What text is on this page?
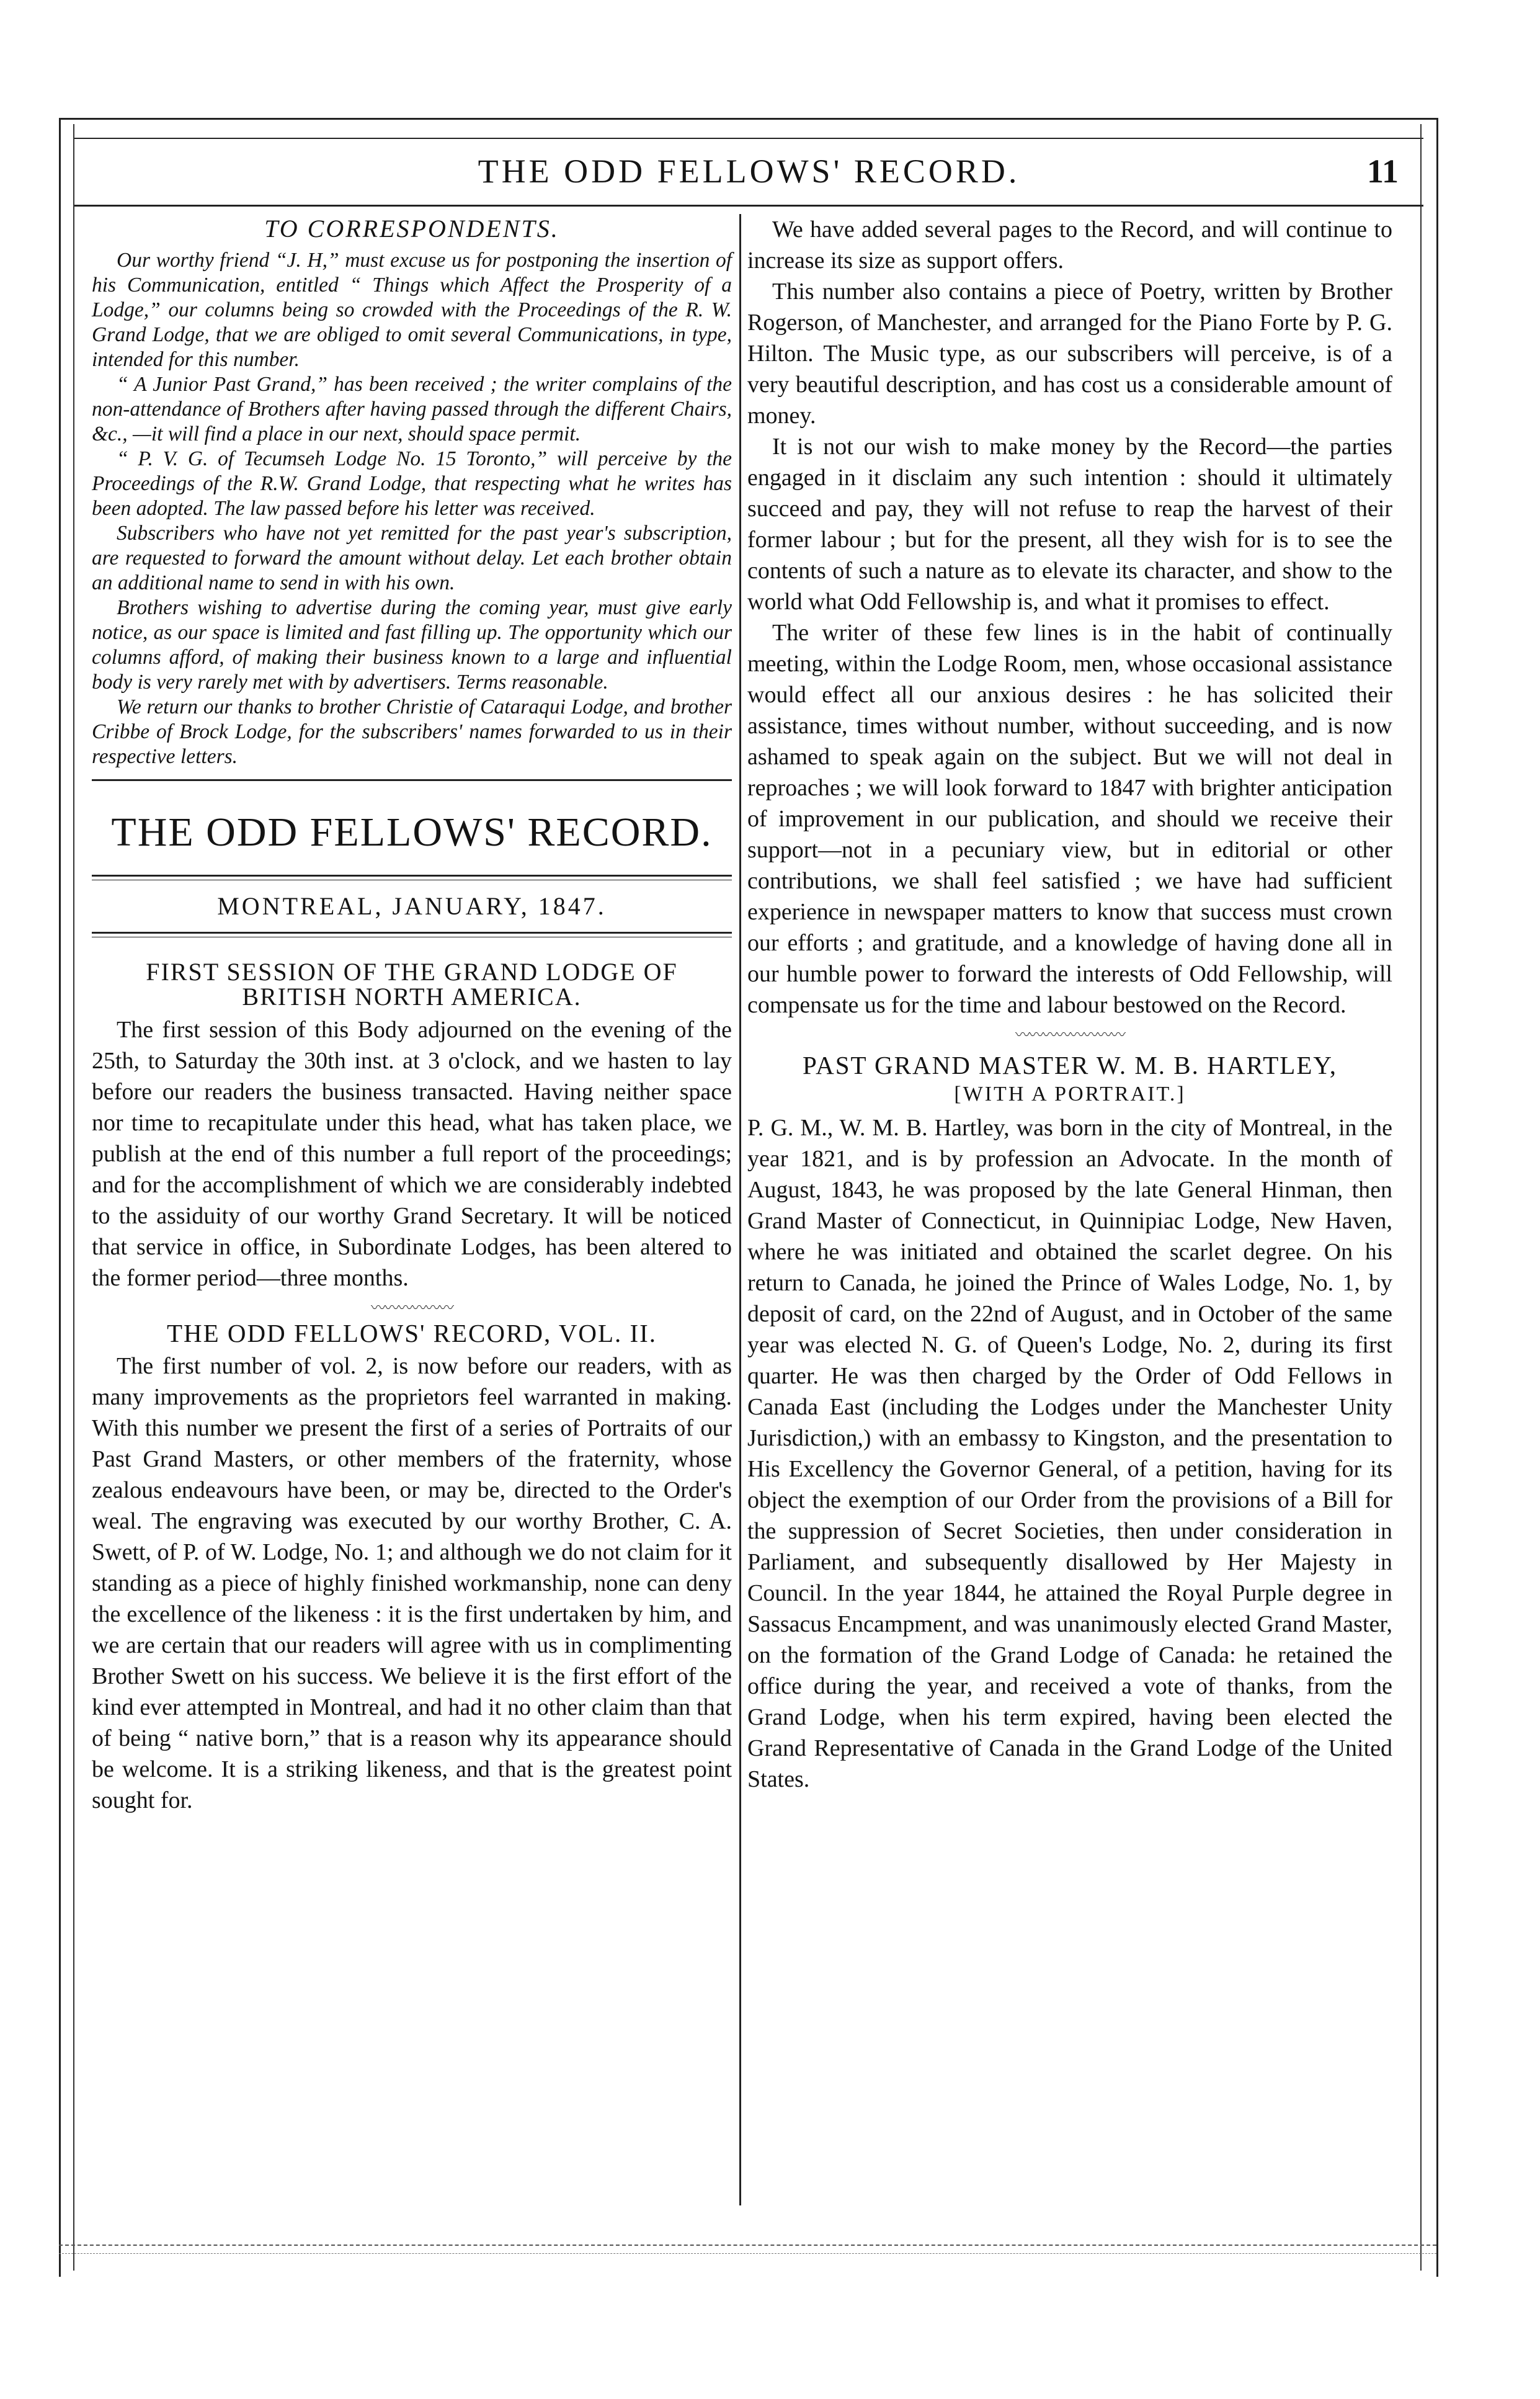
THE ODD FELLOWS' RECORD.	11
TO CORRESPONDENTS.

Our worthy friend “J. H,” must excuse us for postponing the insertion of his Communication, entitled “ Things which Affect the Prosperity of a Lodge,” our columns being so crowded with the Proceedings of the R. W. Grand Lodge, that we are obliged to omit several Communications, in type, intended for this number.

“ A Junior Past Grand,” has been received ; the writer complains of the non-attendance of Brothers after having passed through the different Chairs, &c., —it will find a place in our next, should space permit.

“ P. V. G. of Tecumseh Lodge No. 15 Toronto,” will perceive by the Proceedings of the R.W. Grand Lodge, that respecting what he writes has been adopted. The law passed before his letter was received.

Subscribers who have not yet remitted for the past year's subscription, are requested to forward the amount without delay. Let each brother obtain an additional name to send in with his own.

Brothers wishing to advertise during the coming year, must give early notice, as our space is limited and fast filling up. The opportunity which our columns afford, of making their business known to a large and influential body is very rarely met with by advertisers. Terms reasonable.

We return our thanks to brother Christie of Cataraqui Lodge, and brother Cribbe of Brock Lodge, for the subscribers' names forwarded to us in their respective letters.

THE ODD FELLOWS' RECORD.
MONTREAL, JANUARY, 1847.
FIRST SESSION OF THE GRAND LODGE OF BRITISH NORTH AMERICA.

The first session of this Body adjourned on the evening of the 25th, to Saturday the 30th inst. at 3 o'clock, and we hasten to lay before our readers the business transacted. Having neither space nor time to recapitulate under this head, what has taken place, we publish at the end of this number a full report of the proceedings; and for the accomplishment of which we are considerably indebted to the assiduity of our worthy Grand Secretary. It will be noticed that service in office, in Subordinate Lodges, has been altered to the former period—three months.

〰〰〰〰〰〰
THE ODD FELLOWS' RECORD, VOL. II.

The first number of vol. 2, is now before our readers, with as many improvements as the proprietors feel warranted in making. With this number we present the first of a series of Portraits of our Past Grand Masters, or other members of the fraternity, whose zealous endeavours have been, or may be, directed to the Order's weal. The engraving was executed by our worthy Brother, C. A. Swett, of P. of W. Lodge, No. 1; and although we do not claim for it standing as a piece of highly finished workmanship, none can deny the excellence of the likeness : it is the first undertaken by him, and we are certain that our readers will agree with us in complimenting Brother Swett on his success. We believe it is the first effort of the kind ever attempted in Montreal, and had it no other claim than that of being “ native born,” that is a reason why its appearance should be welcome. It is a striking likeness, and that is the greatest point sought for.

We have added several pages to the Record, and will continue to increase its size as support offers.

This number also contains a piece of Poetry, written by Brother Rogerson, of Manchester, and arranged for the Piano Forte by P. G. Hilton. The Music type, as our subscribers will perceive, is of a very beautiful description, and has cost us a considerable amount of money.

It is not our wish to make money by the Record—the parties engaged in it disclaim any such intention : should it ultimately succeed and pay, they will not refuse to reap the harvest of their former labour ; but for the present, all they wish for is to see the contents of such a nature as to elevate its character, and show to the world what Odd Fellowship is, and what it promises to effect.

The writer of these few lines is in the habit of continually meeting, within the Lodge Room, men, whose occasional assistance would effect all our anxious desires : he has solicited their assistance, times without number, without succeeding, and is now ashamed to speak again on the subject. But we will not deal in reproaches ; we will look forward to 1847 with brighter anticipation of improvement in our publication, and should we receive their support—not in a pecuniary view, but in editorial or other contributions, we shall feel satisfied ; we have had sufficient experience in newspaper matters to know that success must crown our efforts ; and gratitude, and a knowledge of having done all in our humble power to forward the interests of Odd Fellowship, will compensate us for the time and labour bestowed on the Record.

〰〰〰〰〰〰〰〰
PAST GRAND MASTER W. M. B. HARTLEY,
[WITH A PORTRAIT.]

P. G. M., W. M. B. Hartley, was born in the city of Montreal, in the year 1821, and is by profession an Advocate. In the month of August, 1843, he was proposed by the late General Hinman, then Grand Master of Connecticut, in Quinnipiac Lodge, New Haven, where he was initiated and obtained the scarlet degree. On his return to Canada, he joined the Prince of Wales Lodge, No. 1, by deposit of card, on the 22nd of August, and in October of the same year was elected N. G. of Queen's Lodge, No. 2, during its first quarter. He was then charged by the Order of Odd Fellows in Canada East (including the Lodges under the Manchester Unity Jurisdiction,) with an embassy to Kingston, and the presentation to His Excellency the Governor General, of a petition, having for its object the exemption of our Order from the provisions of a Bill for the suppression of Secret Societies, then under consideration in Parliament, and subsequently disallowed by Her Majesty in Council. In the year 1844, he attained the Royal Purple degree in Sassacus Encampment, and was unanimously elected Grand Master, on the formation of the Grand Lodge of Canada: he retained the office during the year, and received a vote of thanks, from the Grand Lodge, when his term expired, having been elected the Grand Representative of Canada in the Grand Lodge of the United States.
